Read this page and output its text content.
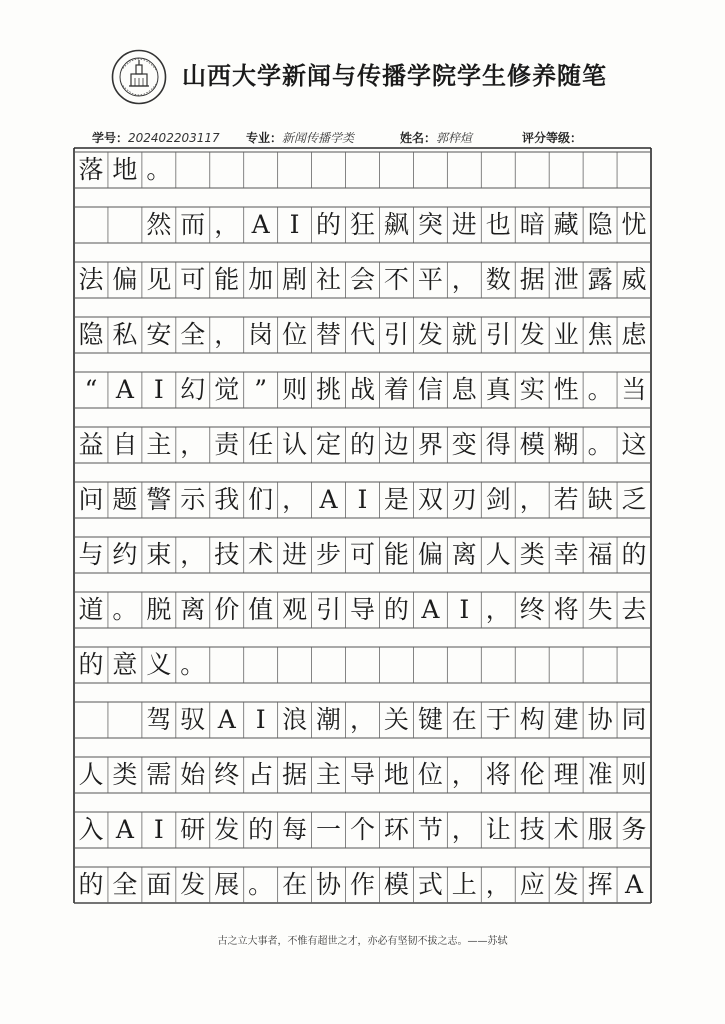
山西大学新闻与传播学院学生修养随笔
学号：202402203117 专业：新闻传播学类	姓名：郭梓煊	评分等级：
落 地 。
然 而 ， A I 的 狂 飙 突 进 也 暗 藏 隐 忧
法 偏 见 可 能 加 剧 社 会 不 平 ， 数 据 泄 露 威
隐 私 安 全 ， 岗 位 替 代 引 发 就 引 发 业 焦 虑
“ A I 幻 觉 ” 则 挑 战 着 信 息 真 实 性 。 当
益 自 主 ， 责 任 认 定 的 边 界 变 得 模 糊 。 这
问 题 警 示 我 们 ， A I 是 双 刃 剑 ， 若 缺 乏
与 约 束 ， 技 术 进 步 可 能 偏 离 人 类 幸 福 的
道 。 脱 离 价 值 观 引 导 的 A I ， 终 将 失 去
的 意 义 。
驾 驭 A I 浪 潮 ， 关 键 在 于 构 建 协 同
人 类 需 始 终 占 据 主 导 地 位 ， 将 伦 理 准 则
入 A I 研 发 的 每 一 个 环 节 ， 让 技 术 服 务
的 全 面 发 展 。 在 协 作 模 式 上 ， 应 发 挥 A
古之立大事者，不惟有超世之才，亦必有坚韧不拔之志。——苏轼
